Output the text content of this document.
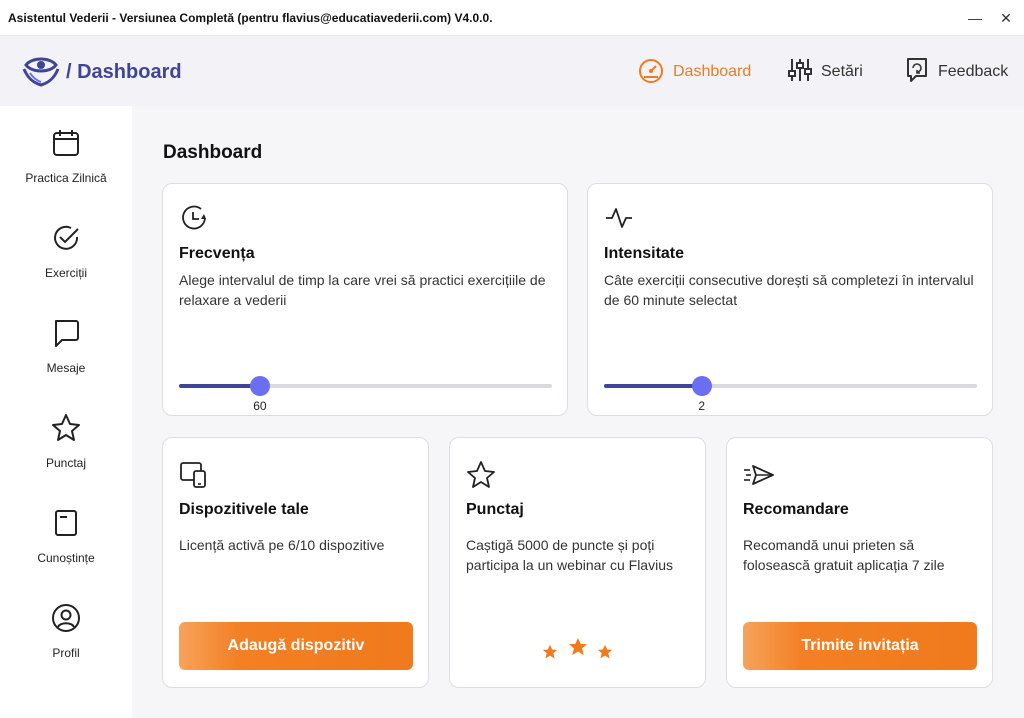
Asistentul Vederii - Versiunea Completă (pentru flavius@educatiavederii.com) V4.0.0.	— ✕
/ Dashboard	Dashboard	Setări	Feedback
Practica Zilnică
Exerciții
Mesaje
Punctaj
Cunoștințe
Profil
Dashboard
Frecvența
Alege intervalul de timp la care vrei să practici exercițiile de relaxare a vederii
60
Intensitate
Câte exerciții consecutive dorești să completezi în intervalul de 60 minute selectat
2
Dispozitivele tale
Licență activă pe 6/10 dispozitive
Adaugă dispozitiv
Punctaj
Caștigă 5000 de puncte și poți participa la un webinar cu Flavius
Recomandare
Recomandă unui prieten să folosească gratuit aplicația 7 zile
Trimite invitația
